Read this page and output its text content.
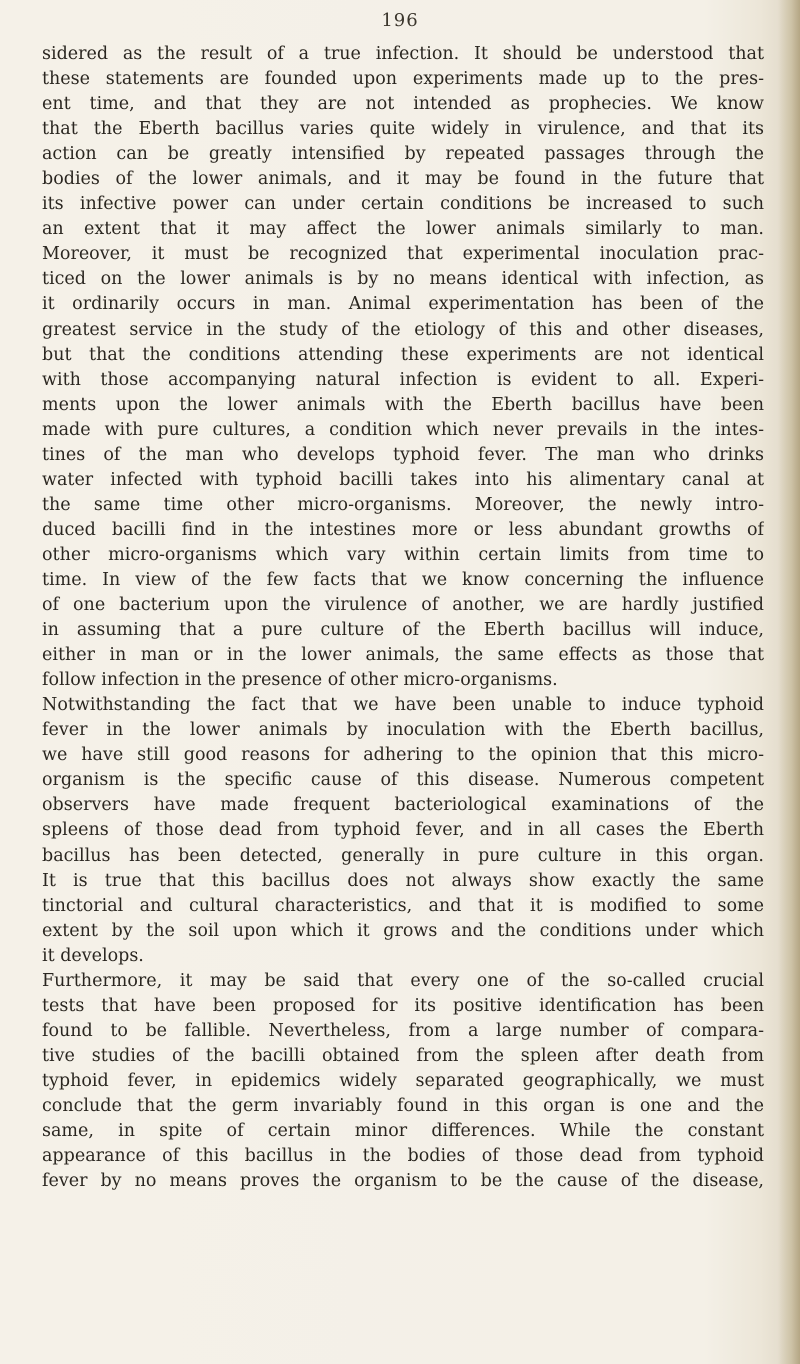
196
sidered as the result of a true infection. It should be understood that
these statements are founded upon experiments made up to the pres-
ent time, and that they are not intended as prophecies. We know
that the Eberth bacillus varies quite widely in virulence, and that its
action can be greatly intensified by repeated passages through the
bodies of the lower animals, and it may be found in the future that
its infective power can under certain conditions be increased to such
an extent that it may affect the lower animals similarly to man.
Moreover, it must be recognized that experimental inoculation prac-
ticed on the lower animals is by no means identical with infection, as
it ordinarily occurs in man. Animal experimentation has been of the
greatest service in the study of the etiology of this and other diseases,
but that the conditions attending these experiments are not identical
with those accompanying natural infection is evident to all. Experi-
ments upon the lower animals with the Eberth bacillus have been
made with pure cultures, a condition which never prevails in the intes-
tines of the man who develops typhoid fever. The man who drinks
water infected with typhoid bacilli takes into his alimentary canal at
the same time other micro-organisms. Moreover, the newly intro-
duced bacilli find in the intestines more or less abundant growths of
other micro-organisms which vary within certain limits from time to
time. In view of the few facts that we know concerning the influence
of one bacterium upon the virulence of another, we are hardly justified
in assuming that a pure culture of the Eberth bacillus will induce,
either in man or in the lower animals, the same effects as those that
follow infection in the presence of other micro-organisms.
Notwithstanding the fact that we have been unable to induce typhoid
fever in the lower animals by inoculation with the Eberth bacillus,
we have still good reasons for adhering to the opinion that this micro-
organism is the specific cause of this disease. Numerous competent
observers have made frequent bacteriological examinations of the
spleens of those dead from typhoid fever, and in all cases the Eberth
bacillus has been detected, generally in pure culture in this organ.
It is true that this bacillus does not always show exactly the same
tinctorial and cultural characteristics, and that it is modified to some
extent by the soil upon which it grows and the conditions under which
it develops.
Furthermore, it may be said that every one of the so-called crucial
tests that have been proposed for its positive identification has been
found to be fallible. Nevertheless, from a large number of compara-
tive studies of the bacilli obtained from the spleen after death from
typhoid fever, in epidemics widely separated geographically, we must
conclude that the germ invariably found in this organ is one and the
same, in spite of certain minor differences. While the constant
appearance of this bacillus in the bodies of those dead from typhoid
fever by no means proves the organism to be the cause of the disease,
